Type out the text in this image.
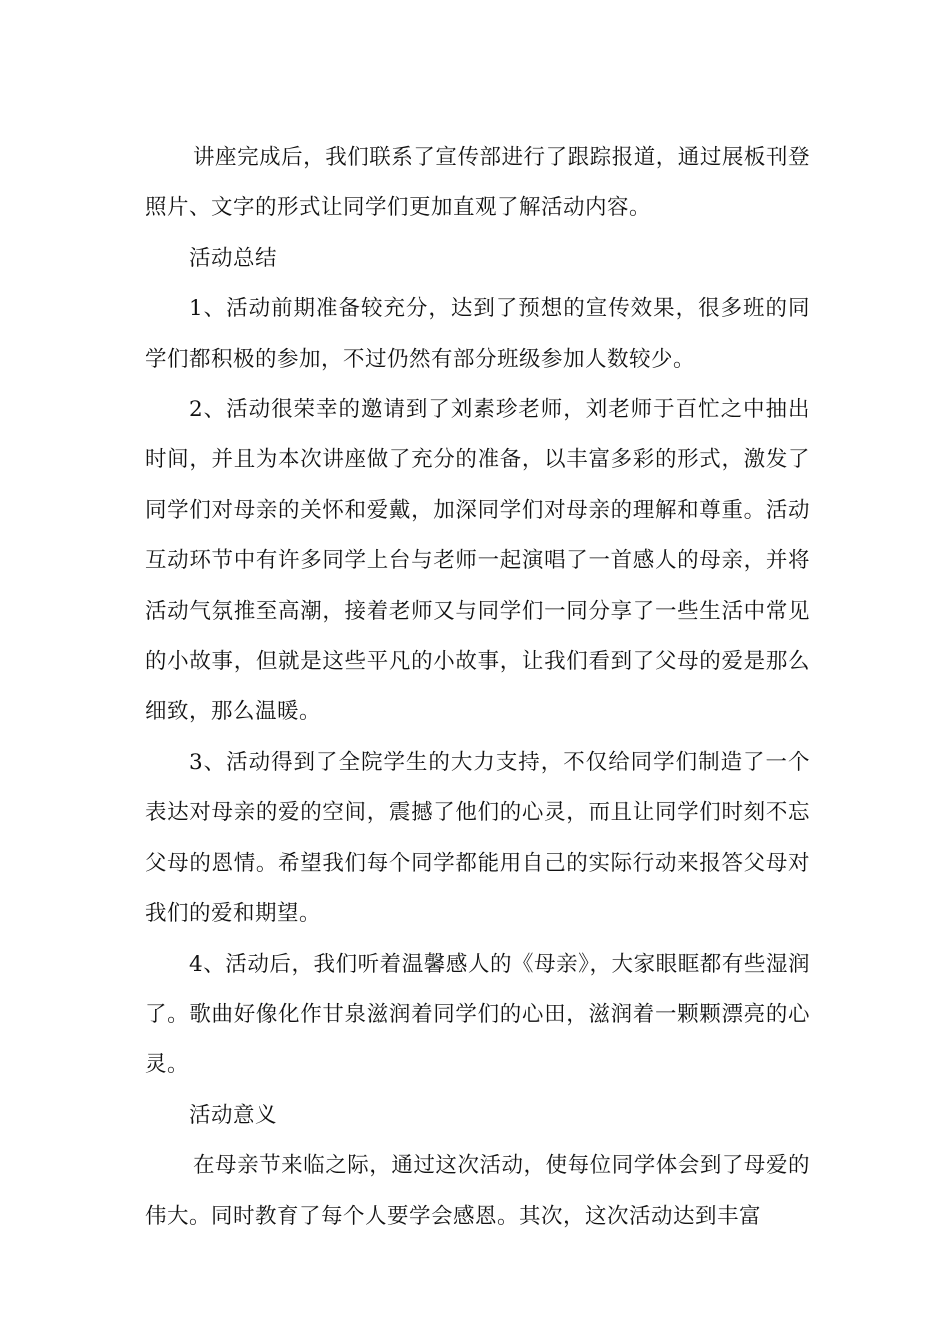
讲座完成后，我们联系了宣传部进行了跟踪报道，通过展板刊登照片、文字的形式让同学们更加直观了解活动内容。

活动总结

1、活动前期准备较充分，达到了预想的宣传效果，很多班的同学们都积极的参加，不过仍然有部分班级参加人数较少。

2、活动很荣幸的邀请到了刘素珍老师，刘老师于百忙之中抽出时间，并且为本次讲座做了充分的准备，以丰富多彩的形式，激发了同学们对母亲的关怀和爱戴，加深同学们对母亲的理解和尊重。活动互动环节中有许多同学上台与老师一起演唱了一首感人的母亲，并将活动气氛推至高潮，接着老师又与同学们一同分享了一些生活中常见的小故事，但就是这些平凡的小故事，让我们看到了父母的爱是那么细致，那么温暖。

3、活动得到了全院学生的大力支持，不仅给同学们制造了一个表达对母亲的爱的空间，震撼了他们的心灵，而且让同学们时刻不忘父母的恩情。希望我们每个同学都能用自己的实际行动来报答父母对我们的爱和期望。

4、活动后，我们听着温馨感人的《母亲》，大家眼眶都有些湿润了。歌曲好像化作甘泉滋润着同学们的心田，滋润着一颗颗漂亮的心灵。

活动意义

在母亲节来临之际，通过这次活动，使每位同学体会到了母爱的伟大。同时教育了每个人要学会感恩。其次，这次活动达到丰富
